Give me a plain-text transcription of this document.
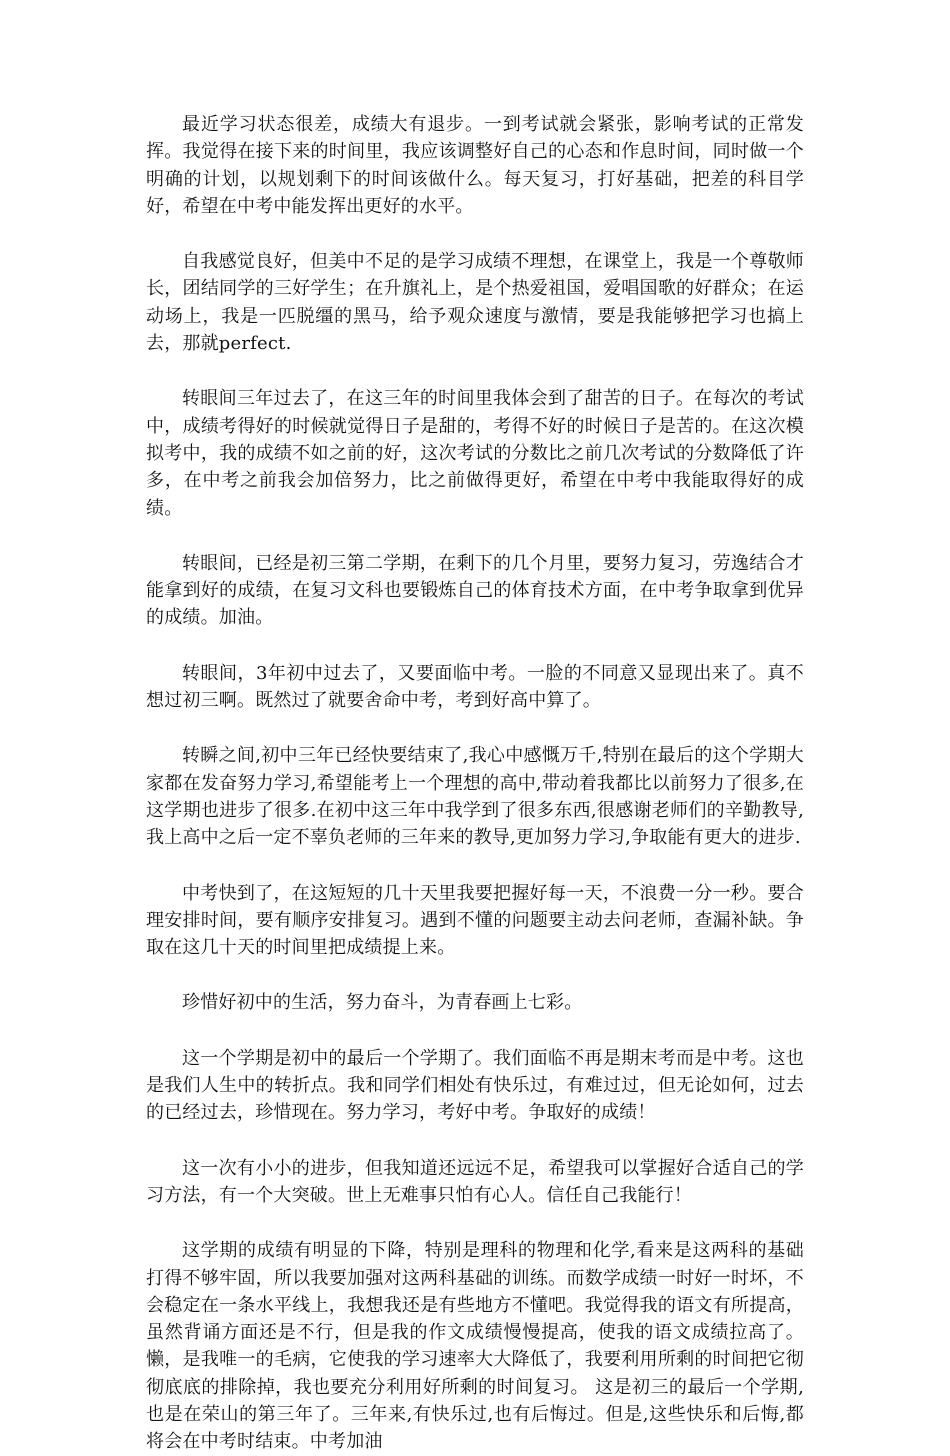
最近学习状态很差，成绩大有退步。一到考试就会紧张，影响考试的正常发挥。我觉得在接下来的时间里，我应该调整好自己的心态和作息时间，同时做一个明确的计划，以规划剩下的时间该做什么。每天复习，打好基础，把差的科目学好，希望在中考中能发挥出更好的水平。

自我感觉良好，但美中不足的是学习成绩不理想，在课堂上，我是一个尊敬师长，团结同学的三好学生；在升旗礼上，是个热爱祖国，爱唱国歌的好群众；在运动场上，我是一匹脱缰的黑马，给予观众速度与激情，要是我能够把学习也搞上去，那就perfect.

转眼间三年过去了，在这三年的时间里我体会到了甜苦的日子。在每次的考试中，成绩考得好的时候就觉得日子是甜的，考得不好的时候日子是苦的。在这次模拟考中，我的成绩不如之前的好，这次考试的分数比之前几次考试的分数降低了许多，在中考之前我会加倍努力，比之前做得更好，希望在中考中我能取得好的成绩。

转眼间，已经是初三第二学期，在剩下的几个月里，要努力复习，劳逸结合才能拿到好的成绩，在复习文科也要锻炼自己的体育技术方面，在中考争取拿到优异的成绩。加油。

转眼间，3年初中过去了，又要面临中考。一脸的不同意又显现出来了。真不想过初三啊。既然过了就要舍命中考，考到好高中算了。

转瞬之间,初中三年已经快要结束了,我心中感慨万千,特别在最后的这个学期大家都在发奋努力学习,希望能考上一个理想的高中,带动着我都比以前努力了很多,在这学期也进步了很多.在初中这三年中我学到了很多东西,很感谢老师们的辛勤教导,我上高中之后一定不辜负老师的三年来的教导,更加努力学习,争取能有更大的进步.

中考快到了，在这短短的几十天里我要把握好每一天，不浪费一分一秒。要合理安排时间，要有顺序安排复习。遇到不懂的问题要主动去问老师，查漏补缺。争取在这几十天的时间里把成绩提上来。

珍惜好初中的生活，努力奋斗，为青春画上七彩。

这一个学期是初中的最后一个学期了。我们面临不再是期末考而是中考。这也是我们人生中的转折点。我和同学们相处有快乐过，有难过过，但无论如何，过去的已经过去，珍惜现在。努力学习，考好中考。争取好的成绩！

这一次有小小的进步，但我知道还远远不足，希望我可以掌握好合适自己的学习方法，有一个大突破。世上无难事只怕有心人。信任自己我能行！

这学期的成绩有明显的下降，特别是理科的物理和化学,看来是这两科的基础打得不够牢固，所以我要加强对这两科基础的训练。而数学成绩一时好一时坏，不会稳定在一条水平线上，我想我还是有些地方不懂吧。我觉得我的语文有所提高，虽然背诵方面还是不行，但是我的作文成绩慢慢提高，使我的语文成绩拉高了。懒，是我唯一的毛病，它使我的学习速率大大降低了，我要利用所剩的时间把它彻彻底底的排除掉，我也要充分利用好所剩的时间复习。 这是初三的最后一个学期,也是在荣山的第三年了。三年来,有快乐过,也有后悔过。但是,这些快乐和后悔,都将会在中考时结束。中考加油
